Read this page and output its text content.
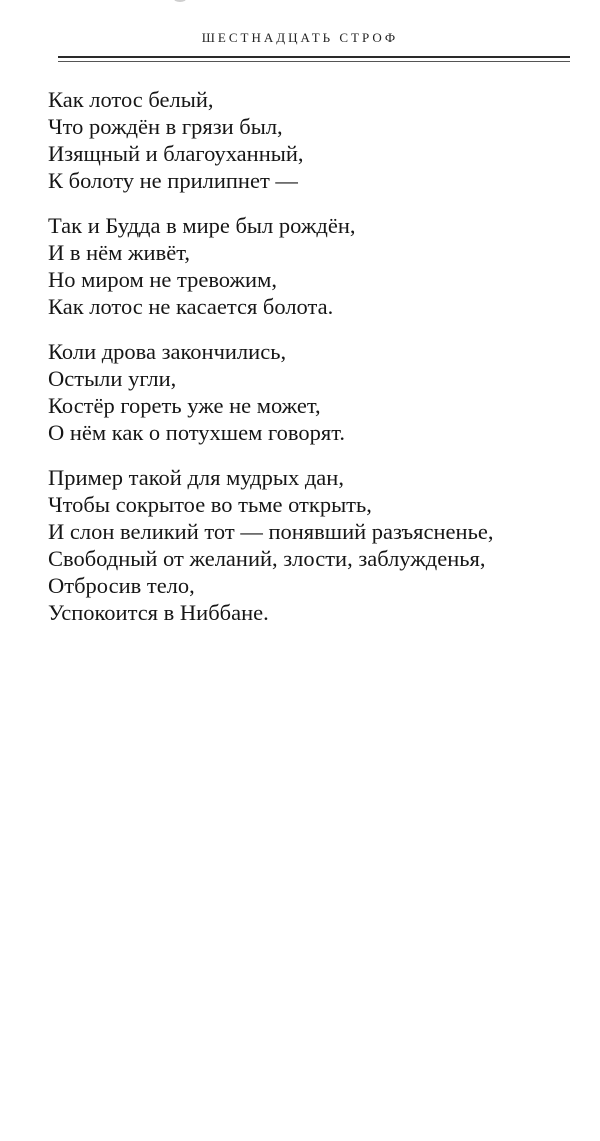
ШЕСТНАДЦАТЬ СТРОФ
Как лотос белый,
Что рождён в грязи был,
Изящный и благоуханный,
К болоту не прилипнет —
Так и Будда в мире был рождён,
И в нём живёт,
Но миром не тревожим,
Как лотос не касается болота.
Коли дрова закончились,
Остыли угли,
Костёр гореть уже не может,
О нём как о потухшем говорят.
Пример такой для мудрых дан,
Чтобы сокрытое во тьме открыть,
И слон великий тот — понявший разъясненье,
Свободный от желаний, злости, заблужденья,
Отбросив тело,
Успокоится в Ниббане.
